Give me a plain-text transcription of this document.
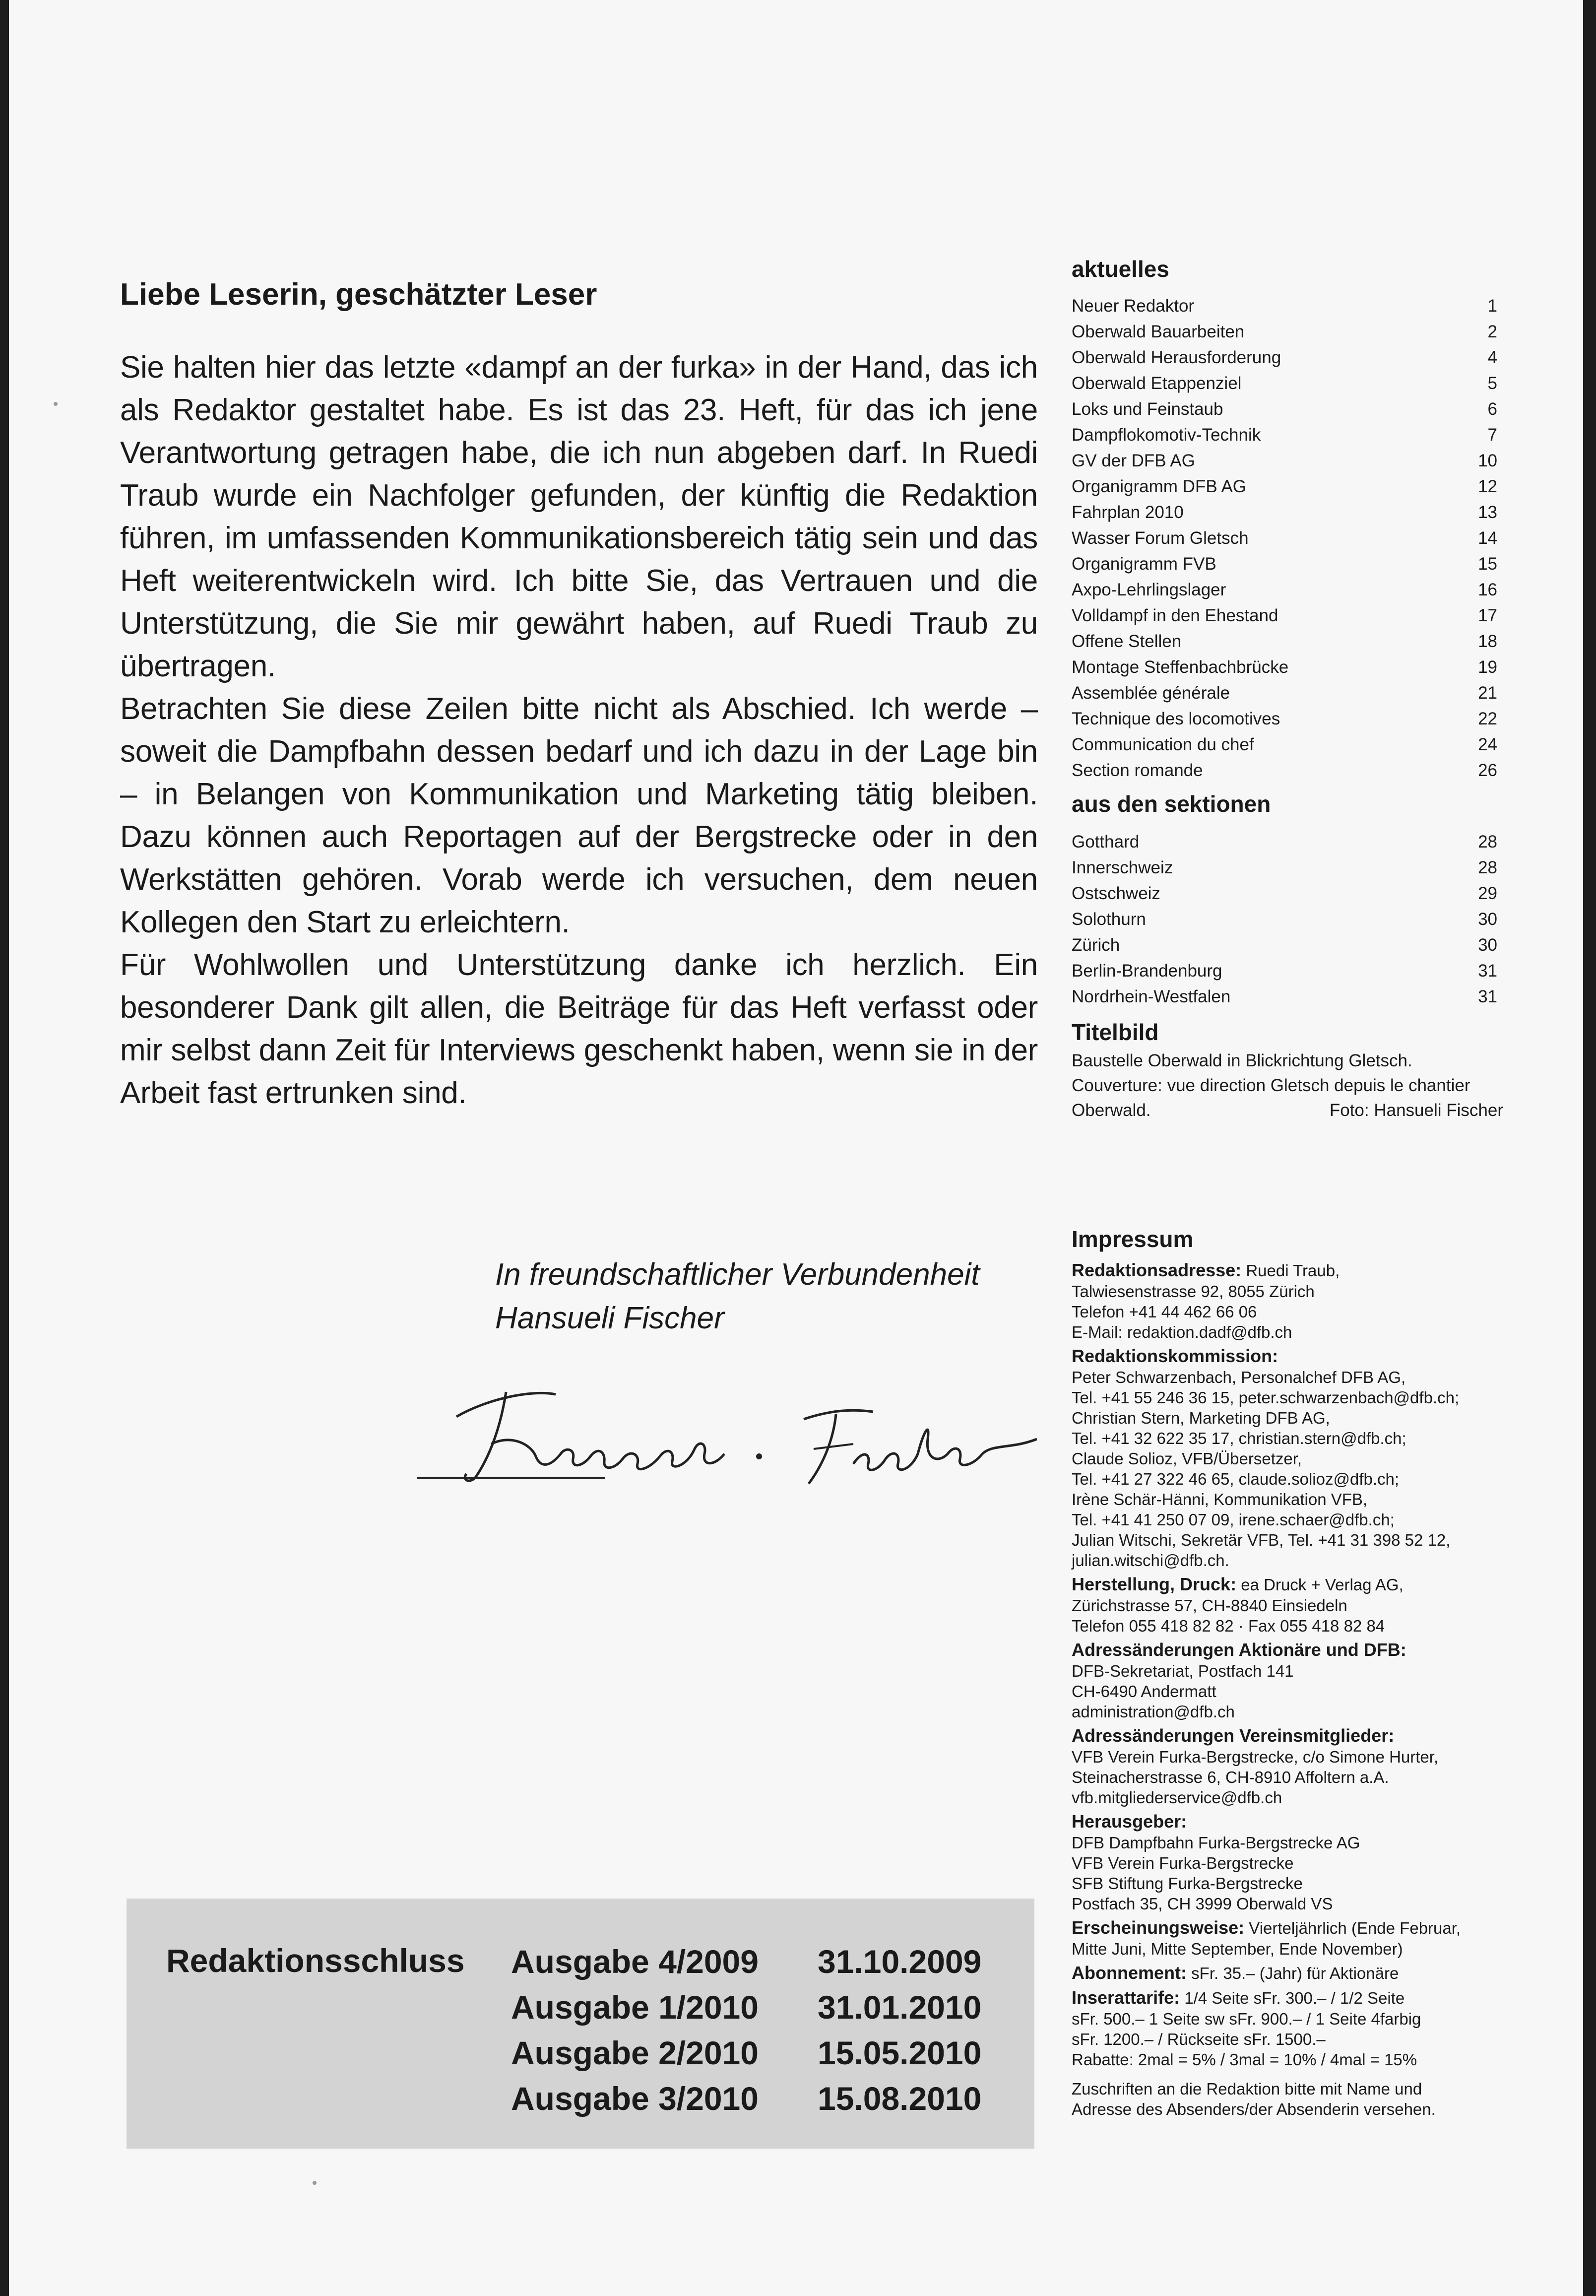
Liebe Leserin, geschätzter Leser

Sie halten hier das letzte «dampf an der furka» in der Hand, das ich als Redaktor gestaltet habe. Es ist das 23. Heft, für das ich jene Verantwortung getragen habe, die ich nun abgeben darf. In Ruedi Traub wurde ein Nachfolger gefunden, der künftig die Redaktion führen, im umfassenden Kommunikationsbereich tätig sein und das Heft weiterentwickeln wird. Ich bitte Sie, das Vertrauen und die Unterstützung, die Sie mir gewährt haben, auf Ruedi Traub zu übertragen.

Betrachten Sie diese Zeilen bitte nicht als Abschied. Ich werde – soweit die Dampfbahn dessen bedarf und ich dazu in der Lage bin – in Belangen von Kommunikation und Marketing tätig bleiben. Dazu können auch Reportagen auf der Bergstrecke oder in den Werkstätten gehören. Vorab werde ich versuchen, dem neuen Kollegen den Start zu erleichtern.

Für Wohlwollen und Unterstützung danke ich herzlich. Ein besonderer Dank gilt allen, die Beiträge für das Heft verfasst oder mir selbst dann Zeit für Interviews geschenkt haben, wenn sie in der Arbeit fast ertrunken sind.

In freundschaftlicher Verbundenheit
Hansueli Fischer
Redaktionsschluss Ausgabe 4/2009 31.10.2009
Ausgabe 1/2010 31.01.2010
Ausgabe 2/2010 15.05.2010
Ausgabe 3/2010 15.08.2010
aktuelles
Neuer Redaktor	1
Oberwald Bauarbeiten	2
Oberwald Herausforderung	4
Oberwald Etappenziel	5
Loks und Feinstaub	6
Dampflokomotiv-Technik	7
GV der DFB AG	10
Organigramm DFB AG	12
Fahrplan 2010	13
Wasser Forum Gletsch	14
Organigramm FVB	15
Axpo-Lehrlingslager	16
Volldampf in den Ehestand	17
Offene Stellen	18
Montage Steffenbachbrücke	19
Assemblée générale	21
Technique des locomotives	22
Communication du chef	24
Section romande	26
aus den sektionen
Gotthard	28
Innerschweiz	28
Ostschweiz	29
Solothurn	30
Zürich	30
Berlin-Brandenburg	31
Nordrhein-Westfalen	31
Titelbild
Baustelle Oberwald in Blickrichtung Gletsch.
Couverture: vue direction Gletsch depuis le chantier
Oberwald.	Foto: Hansueli Fischer
Impressum
Redaktionsadresse: Ruedi Traub,
Talwiesenstrasse 92, 8055 Zürich
Telefon +41 44 462 66 06
E-Mail: redaktion.dadf@dfb.ch
Redaktionskommission:
Peter Schwarzenbach, Personalchef DFB AG,
Tel. +41 55 246 36 15, peter.schwarzenbach@dfb.ch;
Christian Stern, Marketing DFB AG,
Tel. +41 32 622 35 17, christian.stern@dfb.ch;
Claude Solioz, VFB/Übersetzer,
Tel. +41 27 322 46 65, claude.solioz@dfb.ch;
Irène Schär-Hänni, Kommunikation VFB,
Tel. +41 41 250 07 09, irene.schaer@dfb.ch;
Julian Witschi, Sekretär VFB, Tel. +41 31 398 52 12,
julian.witschi@dfb.ch.
Herstellung, Druck: ea Druck + Verlag AG,
Zürichstrasse 57, CH-8840 Einsiedeln
Telefon 055 418 82 82 · Fax 055 418 82 84
Adressänderungen Aktionäre und DFB:
DFB-Sekretariat, Postfach 141
CH-6490 Andermatt
administration@dfb.ch
Adressänderungen Vereinsmitglieder:
VFB Verein Furka-Bergstrecke, c/o Simone Hurter,
Steinacherstrasse 6, CH-8910 Affoltern a.A.
vfb.mitgliederservice@dfb.ch
Herausgeber:
DFB Dampfbahn Furka-Bergstrecke AG
VFB Verein Furka-Bergstrecke
SFB Stiftung Furka-Bergstrecke
Postfach 35, CH 3999 Oberwald VS
Erscheinungsweise: Vierteljährlich (Ende Februar,
Mitte Juni, Mitte September, Ende November)
Abonnement: sFr. 35.– (Jahr) für Aktionäre
Inserattarife: 1/4 Seite sFr. 300.– / 1/2 Seite
sFr. 500.– 1 Seite sw sFr. 900.– / 1 Seite 4farbig
sFr. 1200.– / Rückseite sFr. 1500.–
Rabatte: 2mal = 5% / 3mal = 10% / 4mal = 15%
Zuschriften an die Redaktion bitte mit Name und
Adresse des Absenders/der Absenderin versehen.
